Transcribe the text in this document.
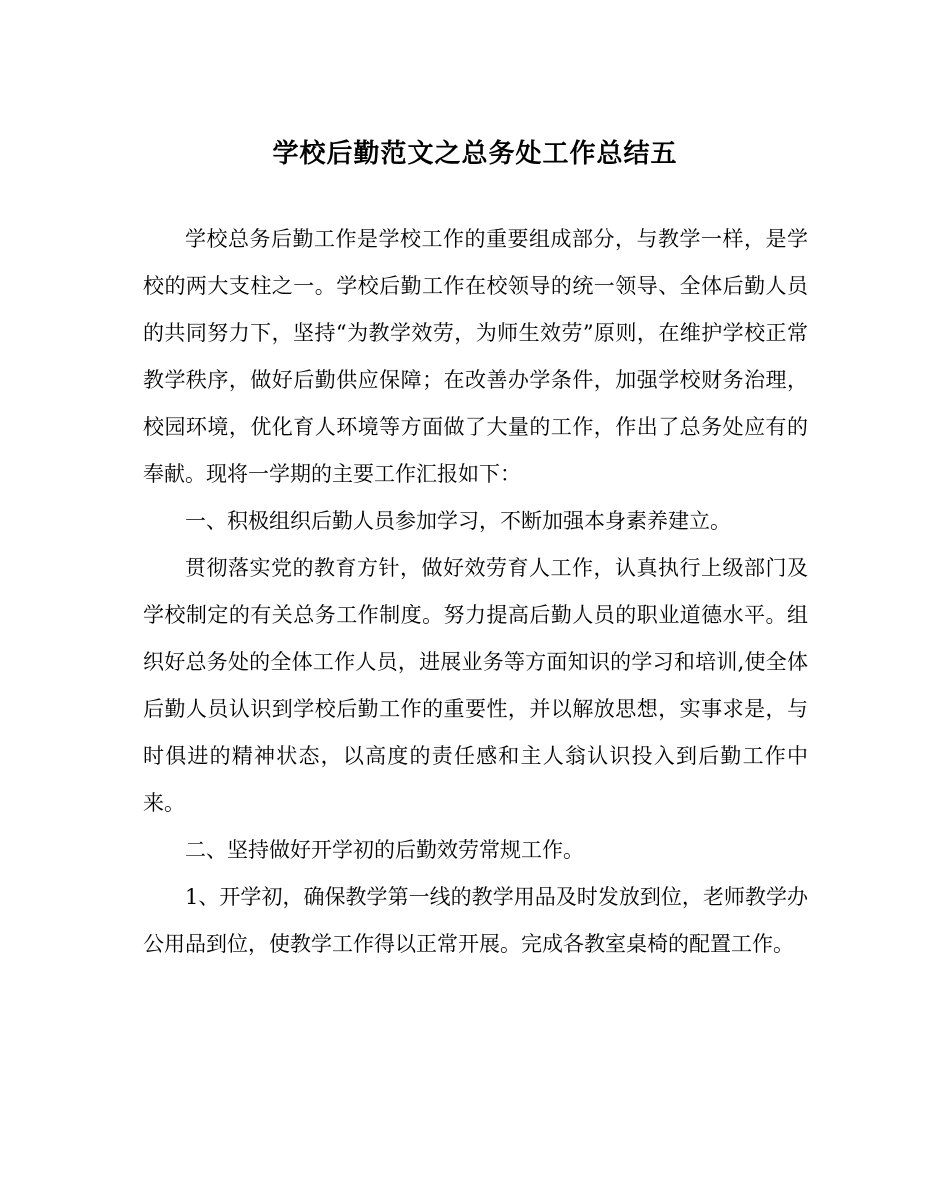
学校后勤范文之总务处工作总结五

学校总务后勤工作是学校工作的重要组成部分，与教学一样，是学校的两大支柱之一。学校后勤工作在校领导的统一领导、全体后勤人员的共同努力下，坚持“为教学效劳，为师生效劳”原则，在维护学校正常教学秩序，做好后勤供应保障；在改善办学条件，加强学校财务治理，校园环境，优化育人环境等方面做了大量的工作，作出了总务处应有的奉献。现将一学期的主要工作汇报如下：

一、积极组织后勤人员参加学习，不断加强本身素养建立。

贯彻落实党的教育方针，做好效劳育人工作，认真执行上级部门及学校制定的有关总务工作制度。努力提高后勤人员的职业道德水平。组织好总务处的全体工作人员，进展业务等方面知识的学习和培训,使全体后勤人员认识到学校后勤工作的重要性，并以解放思想，实事求是，与时俱进的精神状态，以高度的责任感和主人翁认识投入到后勤工作中来。

二、坚持做好开学初的后勤效劳常规工作。

1、开学初，确保教学第一线的教学用品及时发放到位，老师教学办公用品到位，使教学工作得以正常开展。完成各教室桌椅的配置工作。
